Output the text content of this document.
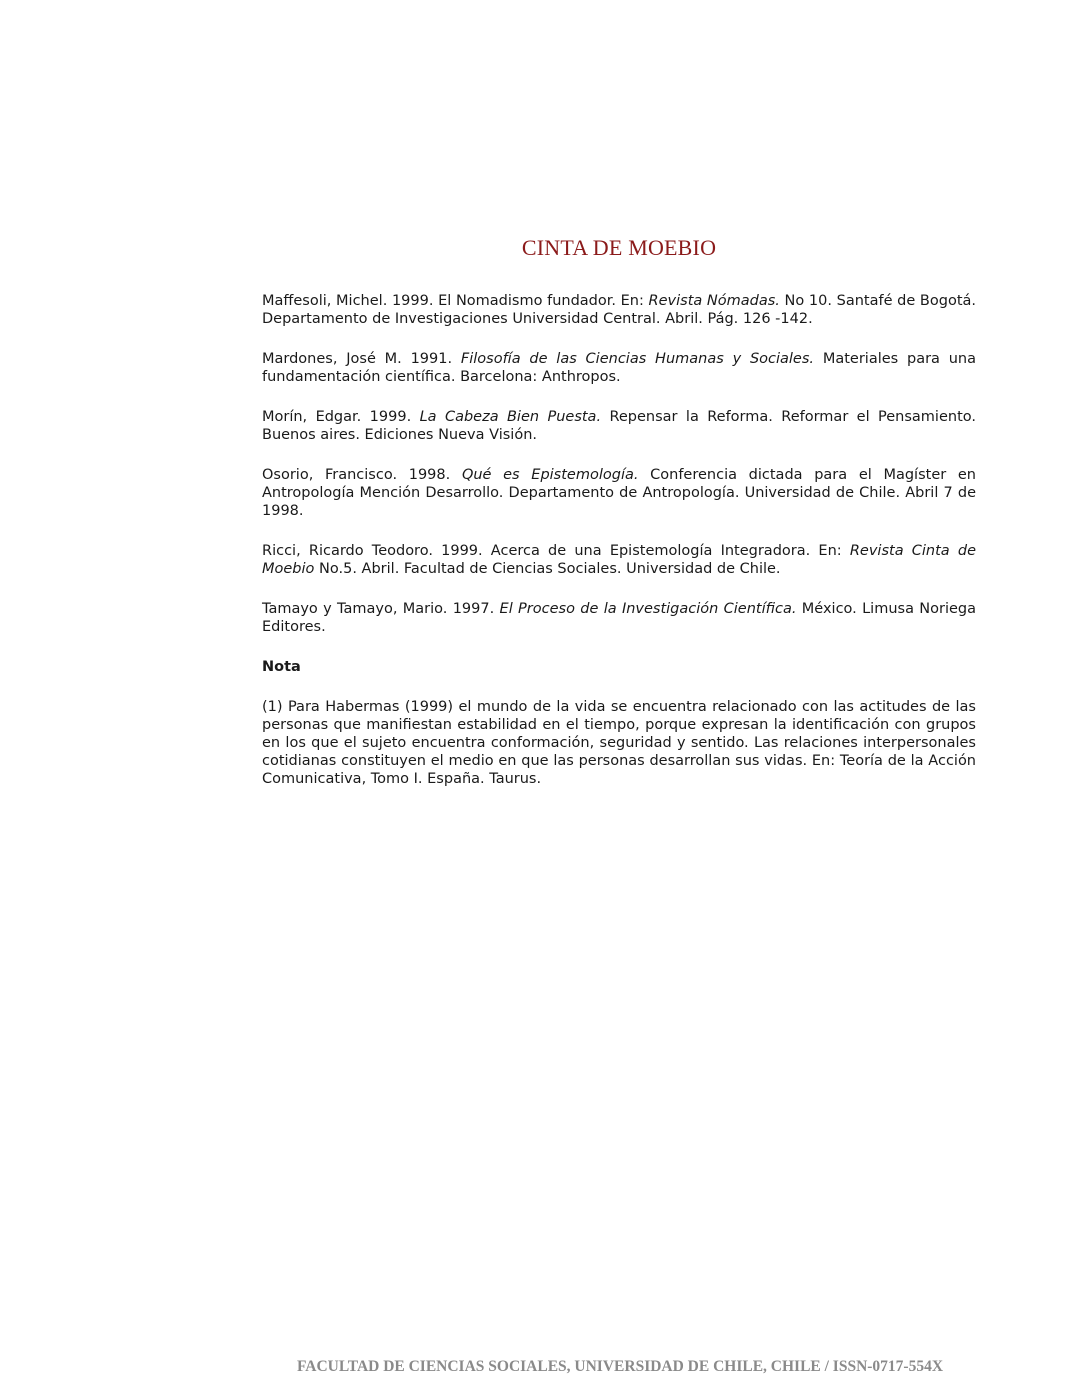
CINTA DE MOEBIO

Maffesoli, Michel. 1999. El Nomadismo fundador. En: Revista Nómadas. No 10. Santafé de Bogotá. Departamento de Investigaciones Universidad Central. Abril. Pág. 126 -142.

Mardones, José M. 1991. Filosofía de las Ciencias Humanas y Sociales. Materiales para una fundamentación científica. Barcelona: Anthropos.

Morín, Edgar. 1999. La Cabeza Bien Puesta. Repensar la Reforma. Reformar el Pensamiento. Buenos aires. Ediciones Nueva Visión.

Osorio, Francisco. 1998. Qué es Epistemología. Conferencia dictada para el Magíster en Antropología Mención Desarrollo. Departamento de Antropología. Universidad de Chile. Abril 7 de 1998.

Ricci, Ricardo Teodoro. 1999. Acerca de una Epistemología Integradora. En: Revista Cinta de Moebio No.5. Abril. Facultad de Ciencias Sociales. Universidad de Chile.

Tamayo y Tamayo, Mario. 1997. El Proceso de la Investigación Científica. México. Limusa Noriega Editores.

Nota

(1) Para Habermas (1999) el mundo de la vida se encuentra relacionado con las actitudes de las personas que manifiestan estabilidad en el tiempo, porque expresan la identificación con grupos en los que el sujeto encuentra conformación, seguridad y sentido. Las relaciones interpersonales cotidianas constituyen el medio en que las personas desarrollan sus vidas. En: Teoría de la Acción Comunicativa, Tomo I. España. Taurus.

FACULTAD DE CIENCIAS SOCIALES, UNIVERSIDAD DE CHILE, CHILE / ISSN-0717-554X
